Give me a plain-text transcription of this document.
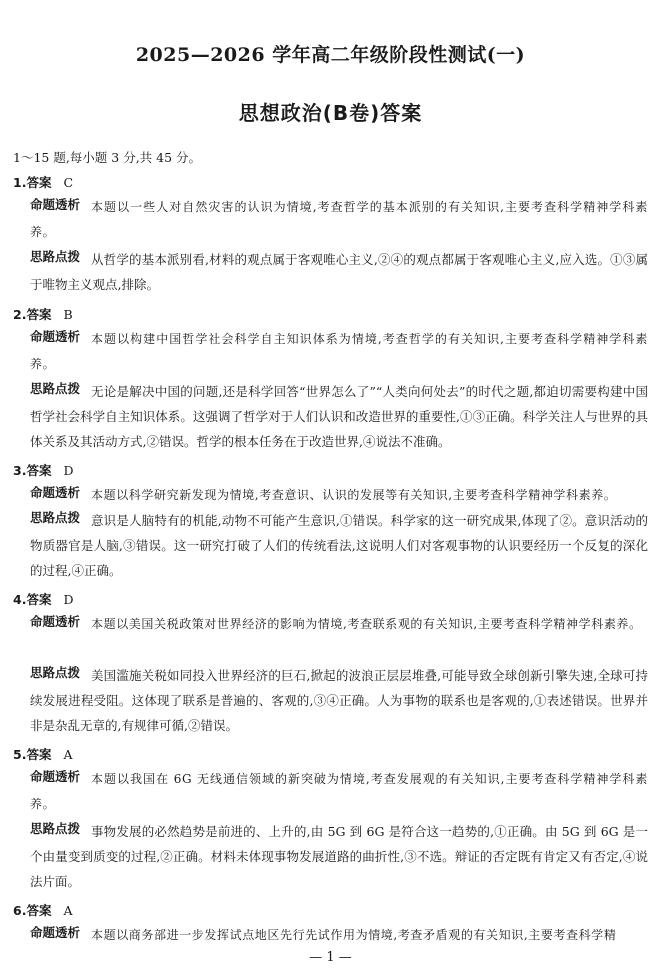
2025—2026 学年高二年级阶段性测试(一)
思想政治(B卷)答案
1～15 题,每小题 3 分,共 45 分。
1.答案 C
命题透析 本题以一些人对自然灾害的认识为情境,考查哲学的基本派别的有关知识,主要考查科学精神学科素养。
思路点拨 从哲学的基本派别看,材料的观点属于客观唯心主义,②④的观点都属于客观唯心主义,应入选。①③属于唯物主义观点,排除。
2.答案 B
命题透析 本题以构建中国哲学社会科学自主知识体系为情境,考查哲学的有关知识,主要考查科学精神学科素养。
思路点拨 无论是解决中国的问题,还是科学回答“世界怎么了”“人类向何处去”的时代之题,都迫切需要构建中国哲学社会科学自主知识体系。这强调了哲学对于人们认识和改造世界的重要性,①③正确。科学关注人与世界的具体关系及其活动方式,②错误。哲学的根本任务在于改造世界,④说法不准确。
3.答案 D
命题透析 本题以科学研究新发现为情境,考查意识、认识的发展等有关知识,主要考查科学精神学科素养。
思路点拨 意识是人脑特有的机能,动物不可能产生意识,①错误。科学家的这一研究成果,体现了②。意识活动的物质器官是人脑,③错误。这一研究打破了人们的传统看法,这说明人们对客观事物的认识要经历一个反复的深化的过程,④正确。
4.答案 D
命题透析 本题以美国关税政策对世界经济的影响为情境,考查联系观的有关知识,主要考查科学精神学科素养。
思路点拨 美国滥施关税如同投入世界经济的巨石,掀起的波浪正层层堆叠,可能导致全球创新引擎失速,全球可持续发展进程受阻。这体现了联系是普遍的、客观的,③④正确。人为事物的联系也是客观的,①表述错误。世界并非是杂乱无章的,有规律可循,②错误。
5.答案 A
命题透析 本题以我国在 6G 无线通信领域的新突破为情境,考查发展观的有关知识,主要考查科学精神学科素养。
思路点拨 事物发展的必然趋势是前进的、上升的,由 5G 到 6G 是符合这一趋势的,①正确。由 5G 到 6G 是一个由量变到质变的过程,②正确。材料未体现事物发展道路的曲折性,③不选。辩证的否定既有肯定又有否定,④说法片面。
6.答案 A
命题透析 本题以商务部进一步发挥试点地区先行先试作用为情境,考查矛盾观的有关知识,主要考查科学精
— 1 —
